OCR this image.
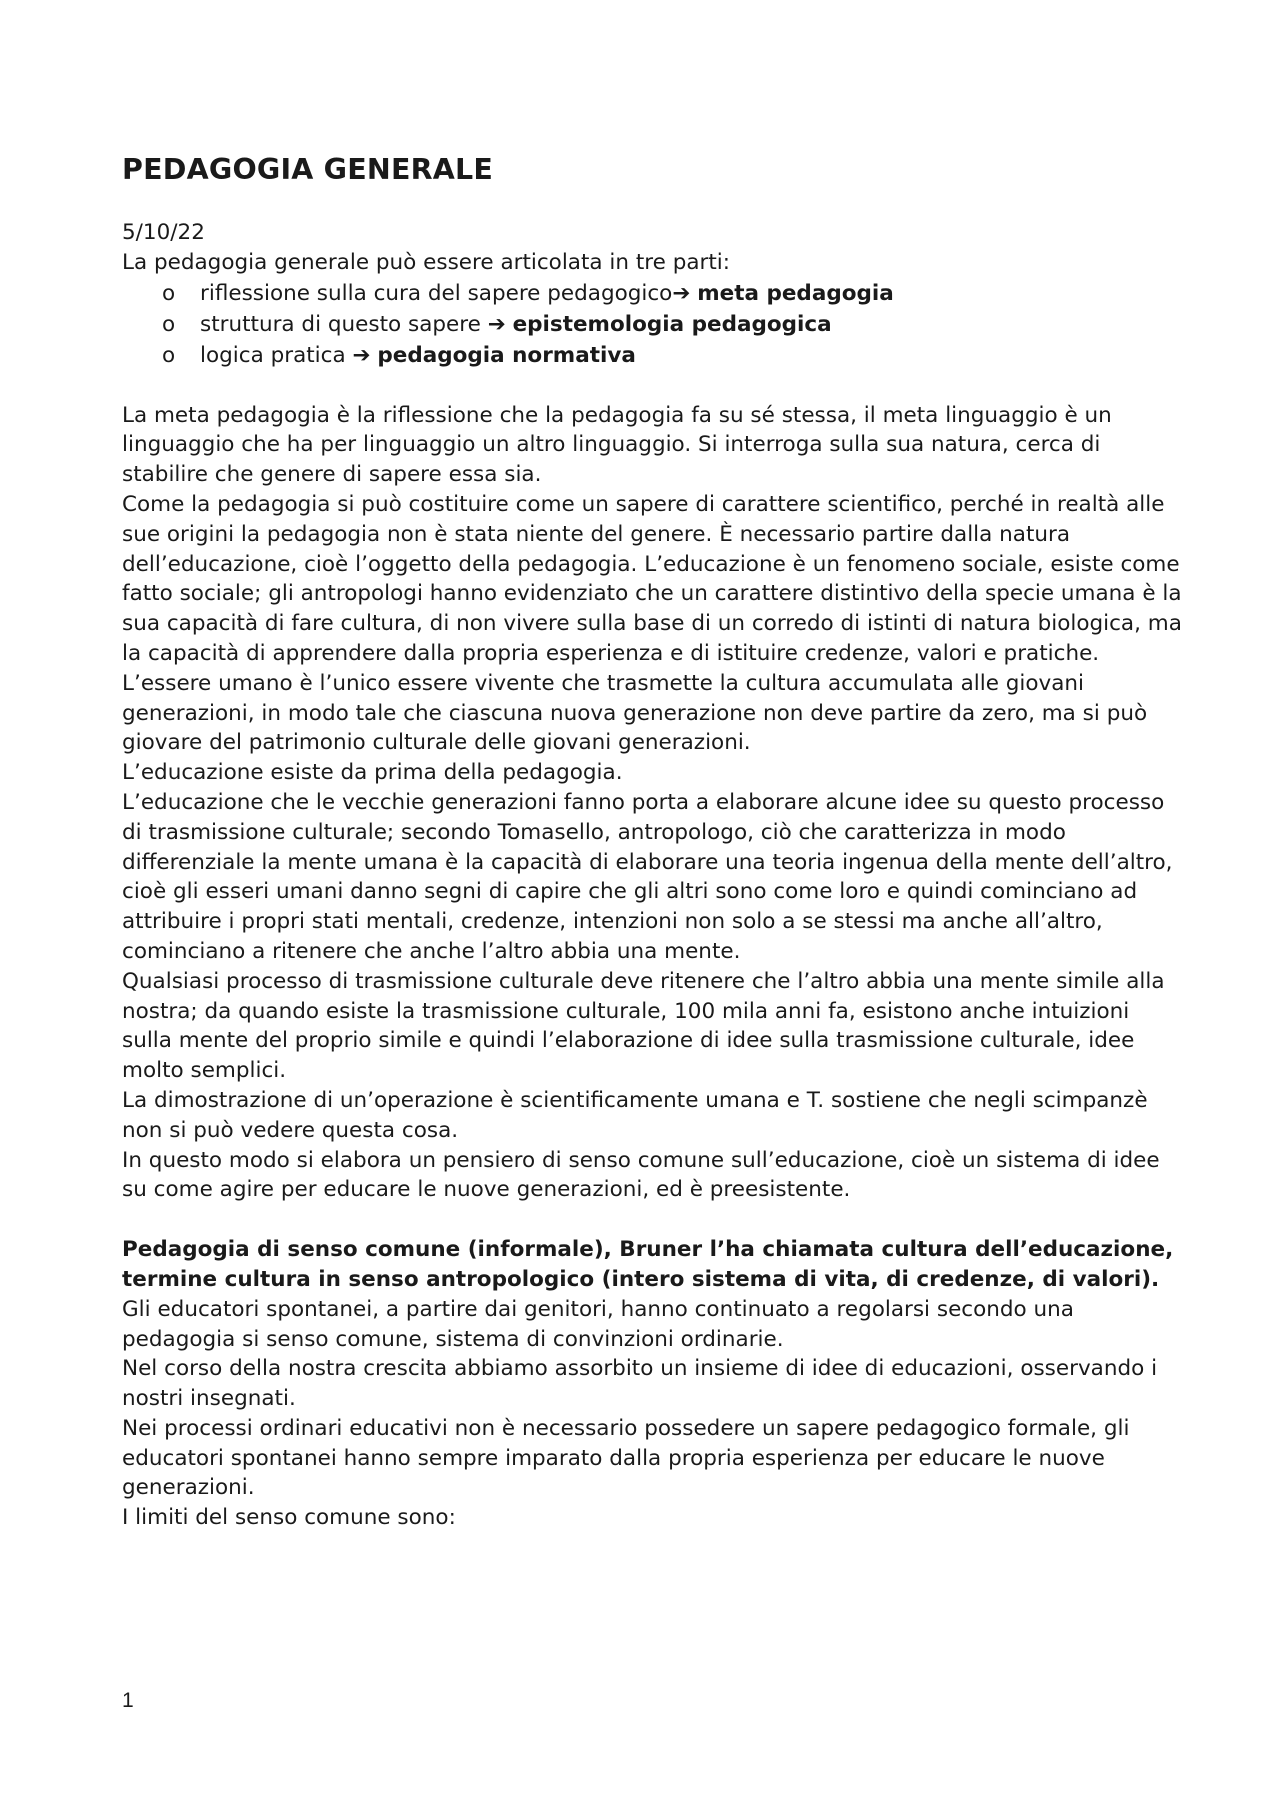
PEDAGOGIA GENERALE

5/10/22

La pedagogia generale può essere articolata in tre parti:

o riflessione sulla cura del sapere pedagogico➔ meta pedagogia
o struttura di questo sapere ➔ epistemologia pedagogica
o logica pratica ➔ pedagogia normativa

La meta pedagogia è la riflessione che la pedagogia fa su sé stessa, il meta linguaggio è un linguaggio che ha per linguaggio un altro linguaggio. Si interroga sulla sua natura, cerca di stabilire che genere di sapere essa sia.

Come la pedagogia si può costituire come un sapere di carattere scientifico, perché in realtà alle sue origini la pedagogia non è stata niente del genere. È necessario partire dalla natura dell’educazione, cioè l’oggetto della pedagogia. L’educazione è un fenomeno sociale, esiste come fatto sociale; gli antropologi hanno evidenziato che un carattere distintivo della specie umana è la sua capacità di fare cultura, di non vivere sulla base di un corredo di istinti di natura biologica, ma la capacità di apprendere dalla propria esperienza e di istituire credenze, valori e pratiche.

L’essere umano è l’unico essere vivente che trasmette la cultura accumulata alle giovani generazioni, in modo tale che ciascuna nuova generazione non deve partire da zero, ma si può giovare del patrimonio culturale delle giovani generazioni.

L’educazione esiste da prima della pedagogia.

L’educazione che le vecchie generazioni fanno porta a elaborare alcune idee su questo processo di trasmissione culturale; secondo Tomasello, antropologo, ciò che caratterizza in modo differenziale la mente umana è la capacità di elaborare una teoria ingenua della mente dell’altro, cioè gli esseri umani danno segni di capire che gli altri sono come loro e quindi cominciano ad attribuire i propri stati mentali, credenze, intenzioni non solo a se stessi ma anche all’altro, cominciano a ritenere che anche l’altro abbia una mente.

Qualsiasi processo di trasmissione culturale deve ritenere che l’altro abbia una mente simile alla nostra; da quando esiste la trasmissione culturale, 100 mila anni fa, esistono anche intuizioni sulla mente del proprio simile e quindi l’elaborazione di idee sulla trasmissione culturale, idee molto semplici.

La dimostrazione di un’operazione è scientificamente umana e T. sostiene che negli scimpanzè non si può vedere questa cosa.

In questo modo si elabora un pensiero di senso comune sull’educazione, cioè un sistema di idee su come agire per educare le nuove generazioni, ed è preesistente.

Pedagogia di senso comune (informale), Bruner l’ha chiamata cultura dell’educazione, termine cultura in senso antropologico (intero sistema di vita, di credenze, di valori).

Gli educatori spontanei, a partire dai genitori, hanno continuato a regolarsi secondo una pedagogia si senso comune, sistema di convinzioni ordinarie.

Nel corso della nostra crescita abbiamo assorbito un insieme di idee di educazioni, osservando i nostri insegnati.

Nei processi ordinari educativi non è necessario possedere un sapere pedagogico formale, gli educatori spontanei hanno sempre imparato dalla propria esperienza per educare le nuove generazioni.

I limiti del senso comune sono:

1
